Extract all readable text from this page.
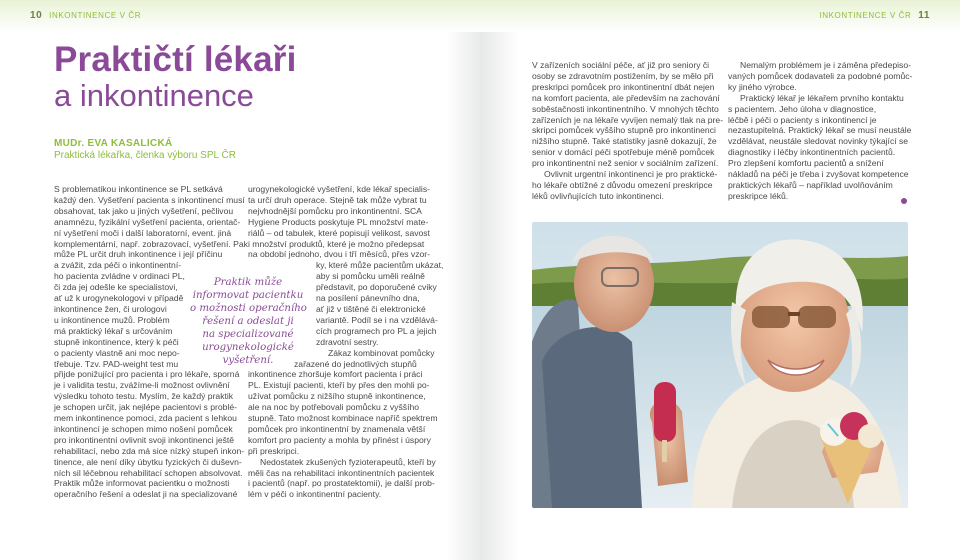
10 INKONTINENCE V ČR
Praktičtí lékaři
a inkontinence
MUDr. EVA KASALICKÁ
Praktická lékařka, členka výboru SPL ČR
S problematikou inkontinence se PL setkává
každý den. Vyšetření pacienta s inkontinencí musí
obsahovat, tak jako u jiných vyšetření, pečlivou
anamnézu, fyzikální vyšetření pacienta, orientač-
ní vyšetření moči i další laboratorní, event. jiná
komplementární, např. zobrazovací, vyšetření. Pak
může PL určit druh inkontinence i její příčinu
a zvážit, zda péči o inkontinentní-
ho pacienta zvládne v ordinaci PL,
či zda jej odešle ke specialistovi,
ať už k urogynekologovi v případě
inkontinence žen, či urologovi
u inkontinence mužů. Problém
má praktický lékař s určováním
stupně inkontinence, který k péči
o pacienty vlastně ani moc nepo-
třebuje. Tzv. PAD-weight test mu
přijde ponižující pro pacienta i pro lékaře, sporná
je i validita testu, zvážíme-li možnost ovlivnění
výsledku tohoto testu. Myslím, že každý praktik
je schopen určit, jak nejlépe pacientovi s problé-
mem inkontinence pomoci, zda pacient s lehkou
inkontinencí je schopen mimo nošení pomůcek
pro inkontinentní ovlivnit svoji inkontinenci ještě
rehabilitací, nebo zda má sice nízký stupeň inkon-
tinence, ale není díky úbytku fyzických či duševn-
ních sil léčebnou rehabilitací schopen absolvovat.
Praktik může informovat pacientku o možnosti
operačního řešení a odeslat ji na specializované
urogynekologické vyšetření, kde lékař specialis-
ta určí druh operace. Stejně tak může vybrat tu
nejvhodnější pomůcku pro inkontinentní. SCA
Hygiene Products poskytuje PL množství mate-
riálů – od tabulek, které popisují velikost, savost
i množství produktů, které je možno předepsat
na období jednoho, dvou i tří měsíců, přes vzor-
ky, které může pacientům ukázat,
aby si pomůcku uměli reálně
představit, po doporučené cviky
na posílení pánevního dna,
ať již v tištěné či elektronické
variantě. Podíl se i na vzdělává-
cích programech pro PL a jejich
zdravotní sestry.
Zákaz kombinovat pomůcky
zařazené do jednotlivých stupňů
inkontinence zhoršuje komfort pacienta i práci
PL. Existují pacienti, kteří by přes den mohli po-
užívat pomůcku z nižšího stupně inkontinence,
ale na noc by potřebovali pomůcku z vyššího
stupně. Tato možnost kombinace napříč spektrem
pomůcek pro inkontinentní by znamenala větší
komfort pro pacienty a mohla by přinést i úspory
při preskripci.
Nedostatek zkušených fyzioterapeutů, kteří by
měli čas na rehabilitaci inkontinentních pacientek
i pacientů (např. po prostatektomii), je další prob-
lém v péči o inkontinentní pacienty.
Praktik může
informovat pacientku
o možnosti operačního
řešení a odeslat ji
na specializované
urogynekologické
vyšetření.
INKONTINENCE V ČR 11
V zařízeních sociální péče, ať již pro seniory či
osoby se zdravotním postižením, by se mělo při
preskripci pomůcek pro inkontinentní dbát nejen
na komfort pacienta, ale především na zachování
soběstačnosti inkontinentního. V mnohých těchto
zařízeních je na lékaře vyvíjen nemalý tlak na pre-
skripci pomůcek vyššího stupně pro inkontinenci
nižšího stupně. Také statistiky jasně dokazují, že
senior v domácí péči spotřebuje méně pomůcek
pro inkontinentní než senior v sociálním zařízení.
Ovlivnit urgentní inkontinenci je pro praktické-
ho lékaře obtížné z důvodu omezení preskripce
léků ovlivňujících tuto inkontinenci.
Nemalým problémem je i záměna předepiso-
vaných pomůcek dodavateli za podobné pomůc-
ky jiného výrobce.
Praktický lékař je lékařem prvního kontaktu
s pacientem. Jeho úloha v diagnostice,
léčbě i péči o pacienty s inkontinencí je
nezastupitelná. Praktický lékař se musí neustále
vzdělávat, neustále sledovat novinky týkající se
diagnostiky i léčby inkontinentních pacientů.
Pro zlepšení komfortu pacientů a snížení
nákladů na péči je třeba i zvyšovat kompetence
praktických lékařů – například uvolňováním
preskripce léků.
